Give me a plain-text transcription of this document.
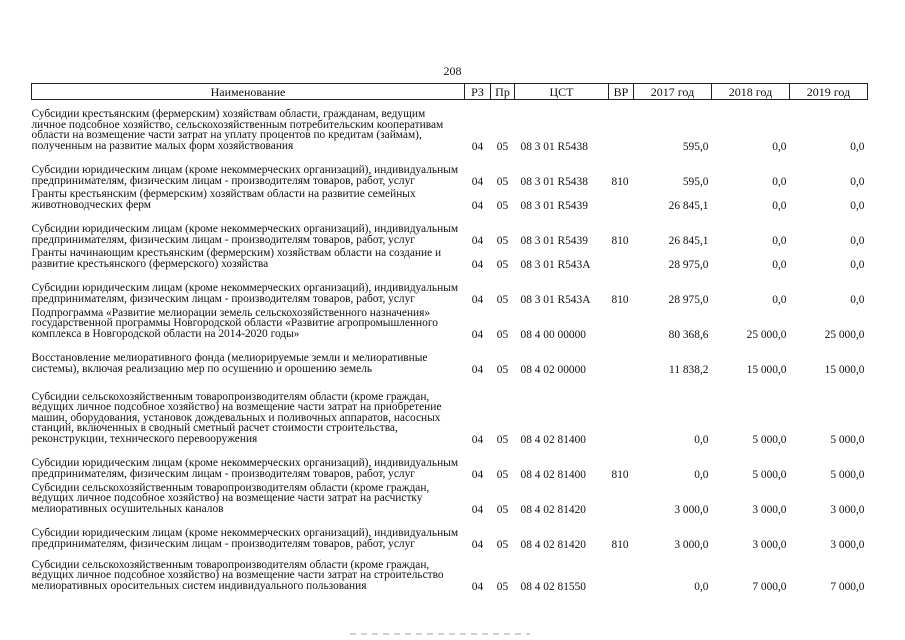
208
Наименование	РЗ	Пр	ЦСТ	ВР	2017 год	2018 год	2019 год
Субсидии крестьянским (фермерским) хозяйствам области, гражданам, ведущим личное подсобное хозяйство, сельскохозяйственным потребительским кооперативам области на возмещение части затрат на уплату процентов по кредитам (займам), полученным на развитие малых форм хозяйствования	04	05	08 3 01 R5438		595,0	0,0	0,0
Субсидии юридическим лицам (кроме некоммерческих организаций), индивидуальным предпринимателям, физическим лицам - производителям товаров, работ, услуг	04	05	08 3 01 R5438	810	595,0	0,0	0,0
Гранты крестьянским (фермерским) хозяйствам области на развитие семейных животноводческих ферм	04	05	08 3 01 R5439		26 845,1	0,0	0,0
Субсидии юридическим лицам (кроме некоммерческих организаций), индивидуальным предпринимателям, физическим лицам - производителям товаров, работ, услуг	04	05	08 3 01 R5439	810	26 845,1	0,0	0,0
Гранты начинающим крестьянским (фермерским) хозяйствам области на создание и развитие крестьянского (фермерского) хозяйства	04	05	08 3 01 R543A		28 975,0	0,0	0,0
Субсидии юридическим лицам (кроме некоммерческих организаций), индивидуальным предпринимателям, физическим лицам - производителям товаров, работ, услуг	04	05	08 3 01 R543A	810	28 975,0	0,0	0,0
Подпрограмма «Развитие мелиорации земель сельскохозяйственного назначения» государственной программы Новгородской области «Развитие агропромышленного комплекса в Новгородской области на 2014-2020 годы»	04	05	08 4 00 00000		80 368,6	25 000,0	25 000,0
Восстановление мелиоративного фонда (мелиорируемые земли и мелиоративные системы), включая реализацию мер по осушению и орошению земель	04	05	08 4 02 00000		11 838,2	15 000,0	15 000,0
Субсидии сельскохозяйственным товаропроизводителям области (кроме граждан, ведущих личное подсобное хозяйство) на возмещение части затрат на приобретение машин, оборудования, установок дождевальных и поливочных аппаратов, насосных станций, включенных в сводный сметный расчет стоимости строительства, реконструкции, технического перевооружения	04	05	08 4 02 81400		0,0	5 000,0	5 000,0
Субсидии юридическим лицам (кроме некоммерческих организаций), индивидуальным предпринимателям, физическим лицам - производителям товаров, работ, услуг	04	05	08 4 02 81400	810	0,0	5 000,0	5 000,0
Субсидии сельскохозяйственным товаропроизводителям области (кроме граждан, ведущих личное подсобное хозяйство) на возмещение части затрат на расчистку мелиоративных осушительных каналов	04	05	08 4 02 81420		3 000,0	3 000,0	3 000,0
Субсидии юридическим лицам (кроме некоммерческих организаций), индивидуальным предпринимателям, физическим лицам - производителям товаров, работ, услуг	04	05	08 4 02 81420	810	3 000,0	3 000,0	3 000,0
Субсидии сельскохозяйственным товаропроизводителям области (кроме граждан, ведущих личное подсобное хозяйство) на возмещение части затрат на строительство мелиоративных оросительных систем индивидуального пользования	04	05	08 4 02 81550		0,0	7 000,0	7 000,0
